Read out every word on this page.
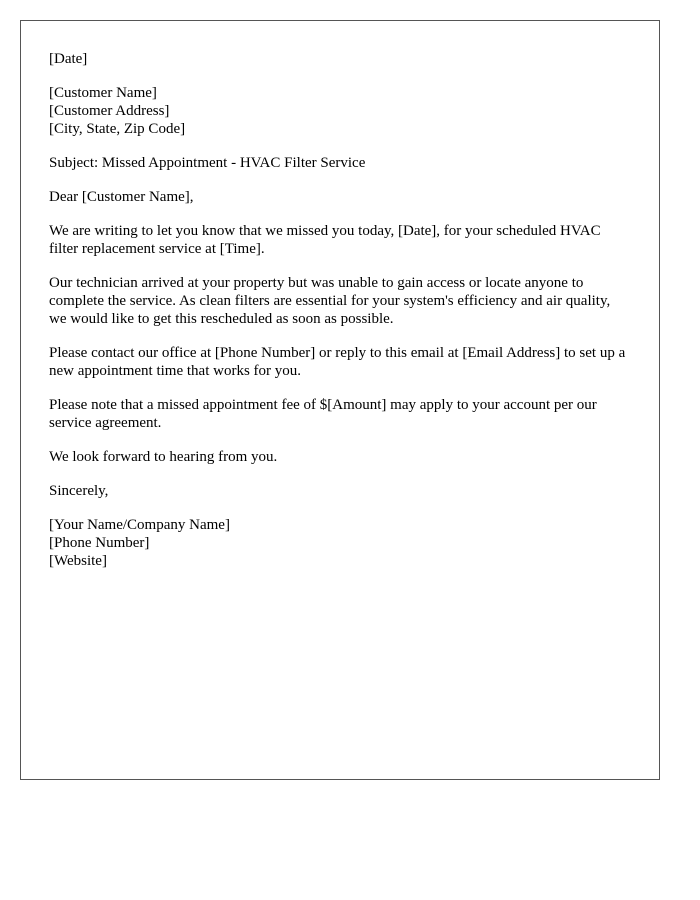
[Date]
[Customer Name]
[Customer Address]
[City, State, Zip Code]

Subject: Missed Appointment - HVAC Filter Service

Dear [Customer Name],

We are writing to let you know that we missed you today, [Date], for your scheduled HVAC filter replacement service at [Time].

Our technician arrived at your property but was unable to gain access or locate anyone to complete the service. As clean filters are essential for your system's efficiency and air quality, we would like to get this rescheduled as soon as possible.

Please contact our office at [Phone Number] or reply to this email at [Email Address] to set up a new appointment time that works for you.

Please note that a missed appointment fee of $[Amount] may apply to your account per our service agreement.

We look forward to hearing from you.

Sincerely,

[Your Name/Company Name]
[Phone Number]
[Website]
